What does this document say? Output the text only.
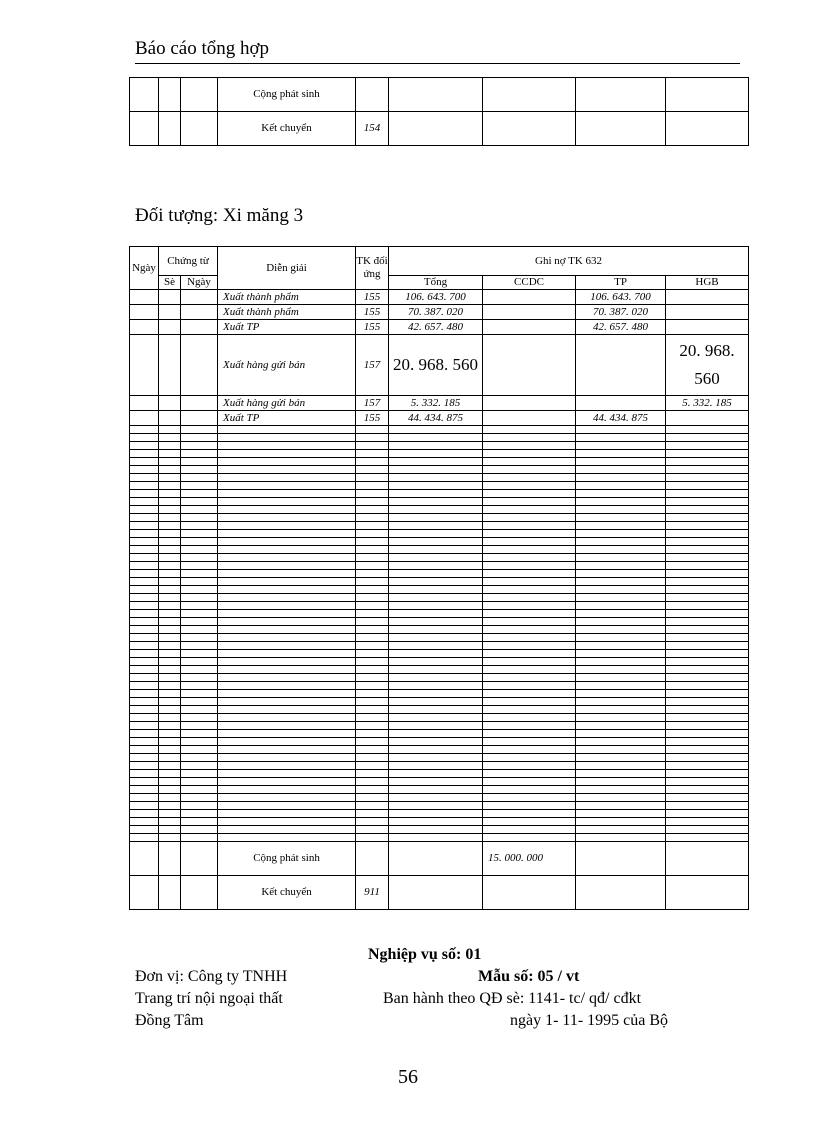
Báo cáo tổng hợp
			Cộng phát sinh					
			Kết chuyển	154				
Đối tượng: Xi măng 3
Ngày	Chứng từ		Diễn giải	TK đối ứng	Ghi nợ TK 632			
	Sè	Ngày			Tổng	CCDC	TP	HGB
			Xuất thành phẩm	155	106. 643. 700		106. 643. 700	
			Xuất thành phẩm	155	70. 387. 020		70. 387. 020	
			Xuất TP	155	42. 657. 480		42. 657. 480	
			Xuất hàng gửi bán	157	20. 968. 560			20. 968. 560
			Xuất hàng gửi bán	157	5. 332. 185			5. 332. 185
			Xuất TP	155	44. 434. 875		44. 434. 875	

			Cộng phát sinh			15. 000. 000		
			Kết chuyển	911				
Nghiệp vụ số: 01
Đơn vị: Công ty TNHH	Mẫu số: 05 / vt
Trang trí nội ngoại thất	Ban hành theo QĐ sè: 1141- tc/ qđ/ cđkt
Đồng Tâm	ngày 1- 11- 1995 của Bộ
56
